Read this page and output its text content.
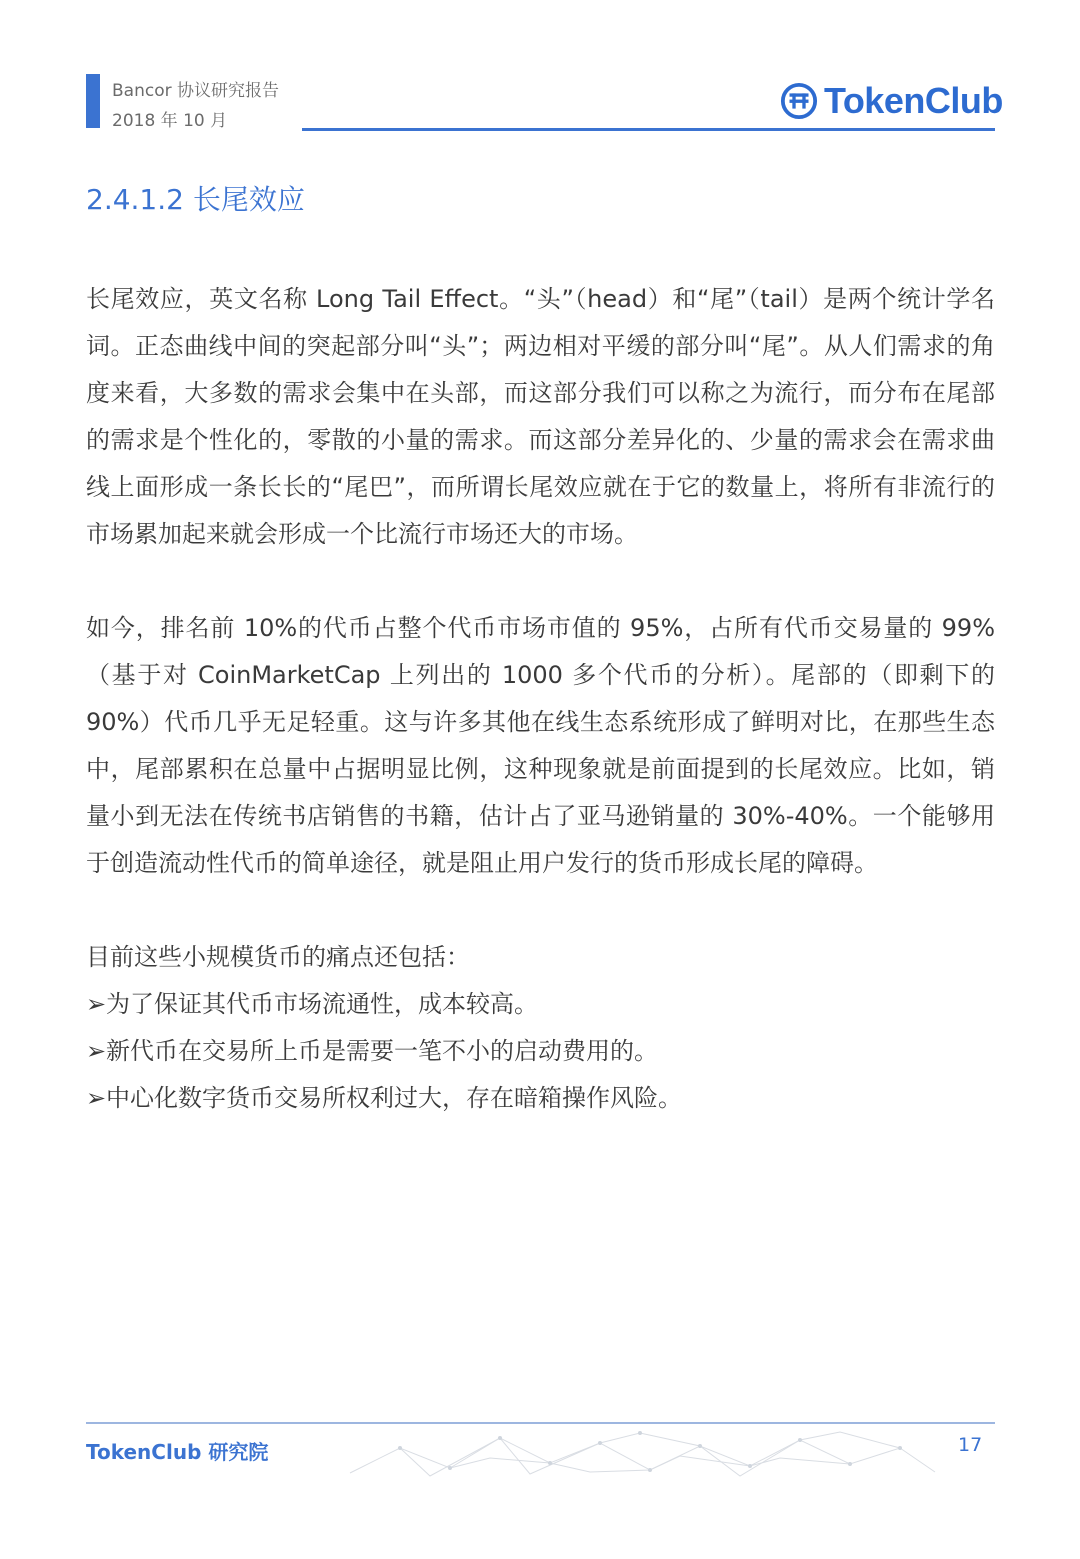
Bancor 协议研究报告
2018 年 10 月	TokenClub
2.4.1.2 长尾效应

长尾效应，英文名称 Long Tail Effect。“头”（head）和“尾”（tail）是两个统计学名词。正态曲线中间的突起部分叫“头”；两边相对平缓的部分叫“尾”。从人们需求的角度来看，大多数的需求会集中在头部，而这部分我们可以称之为流行，而分布在尾部的需求是个性化的，零散的小量的需求。而这部分差异化的、少量的需求会在需求曲线上面形成一条长长的“尾巴”，而所谓长尾效应就在于它的数量上，将所有非流行的市场累加起来就会形成一个比流行市场还大的市场。

如今，排名前 10%的代币占整个代币市场市值的 95%，占所有代币交易量的 99%（基于对 CoinMarketCap 上列出的 1000 多个代币的分析）。尾部的（即剩下的 90%）代币几乎无足轻重。这与许多其他在线生态系统形成了鲜明对比，在那些生态中，尾部累积在总量中占据明显比例，这种现象就是前面提到的长尾效应。比如，销量小到无法在传统书店销售的书籍，估计占了亚马逊销量的 30%-40%。一个能够用于创造流动性代币的简单途径，就是阻止用户发行的货币形成长尾的障碍。

目前这些小规模货币的痛点还包括：

➢ 为了保证其代币市场流通性，成本较高。
➢ 新代币在交易所上币是需要一笔不小的启动费用的。
➢ 中心化数字货币交易所权利过大，存在暗箱操作风险。
TokenClub 研究院	17
